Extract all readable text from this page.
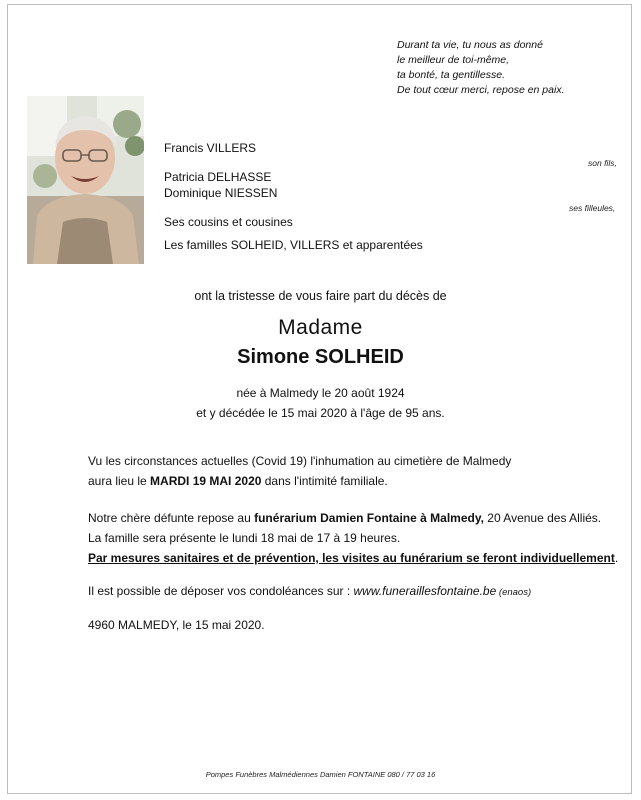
Durant ta vie, tu nous as donné
le meilleur de toi-même,
ta bonté, ta gentillesse.
De tout cœur merci, repose en paix.
Francis VILLERS
son fils,
Patricia DELHASSE
Dominique NIESSEN
ses filleules,
Ses cousins et cousines
Les familles SOLHEID, VILLERS et apparentées
ont la tristesse de vous faire part du décès de
Madame
Simone SOLHEID
née à Malmedy le 20 août 1924
et y décédée le 15 mai 2020 à l'âge de 95 ans.
Vu les circonstances actuelles (Covid 19) l'inhumation au cimetière de Malmedy
aura lieu le MARDI 19 MAI 2020 dans l'intimité familiale.
Notre chère défunte repose au funérarium Damien Fontaine à Malmedy, 20 Avenue des Alliés.
La famille sera présente le lundi 18 mai de 17 à 19 heures.
Par mesures sanitaires et de prévention, les visites au funérarium se feront individuellement.
Il est possible de déposer vos condoléances sur : www.funeraillesfontaine.be (enaos)
4960 MALMEDY, le 15 mai 2020.
Pompes Funèbres Malmédiennes Damien FONTAINE 080 / 77 03 16
